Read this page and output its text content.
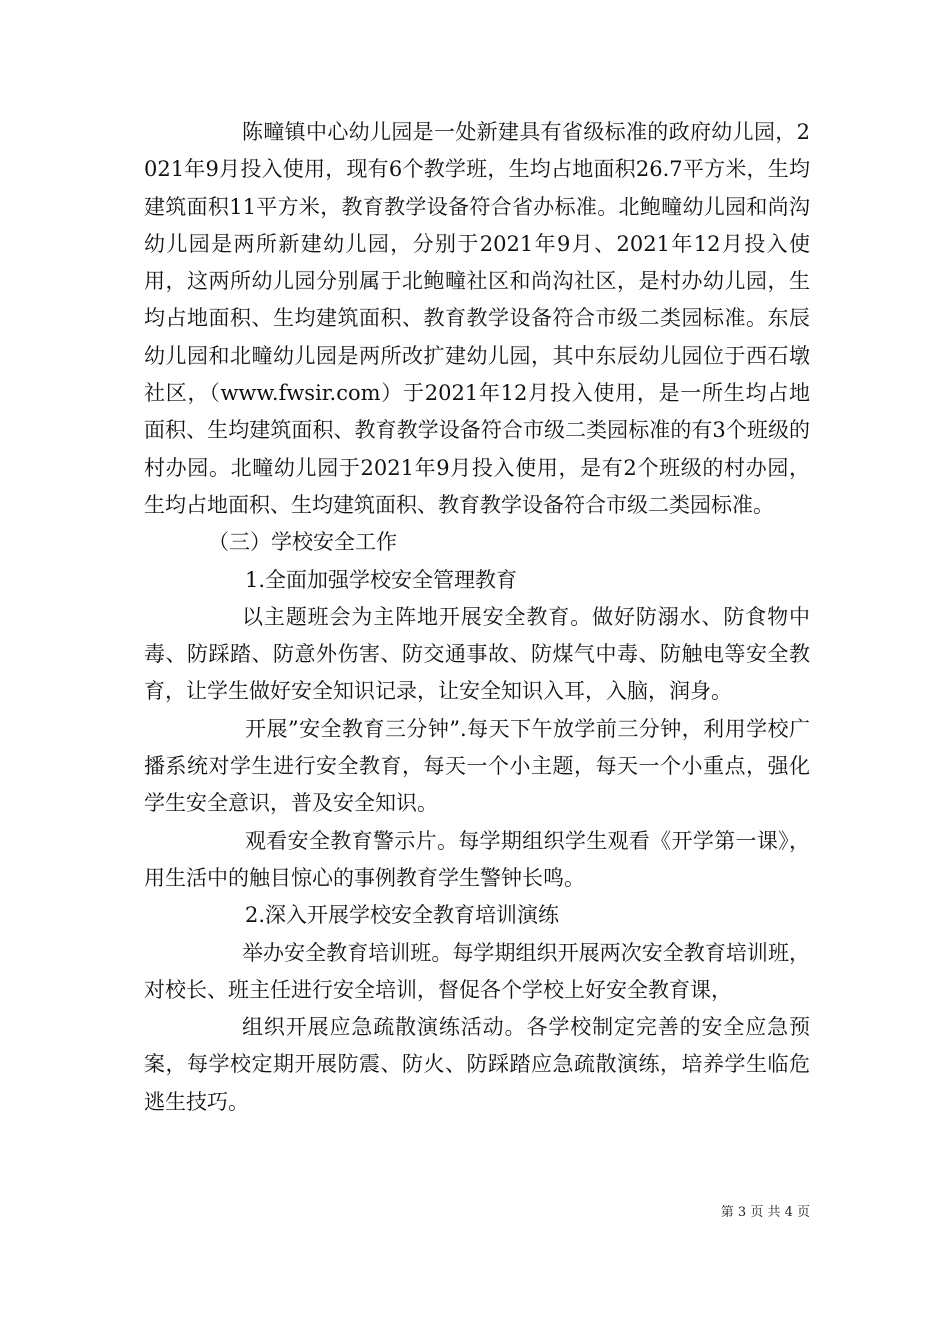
陈疃镇中心幼儿园是一处新建具有省级标准的政府幼儿园，2021年9月投入使用，现有6个教学班，生均占地面积26.7平方米，生均建筑面积11平方米，教育教学设备符合省办标准。北鲍疃幼儿园和尚沟幼儿园是两所新建幼儿园，分别于2021年9月、2021年12月投入使用，这两所幼儿园分别属于北鲍疃社区和尚沟社区，是村办幼儿园，生均占地面积、生均建筑面积、教育教学设备符合市级二类园标准。东辰幼儿园和北疃幼儿园是两所改扩建幼儿园，其中东辰幼儿园位于西石墩社区，（www.fwsir.com）于2021年12月投入使用，是一所生均占地面积、生均建筑面积、教育教学设备符合市级二类园标准的有3个班级的村办园。北疃幼儿园于2021年9月投入使用，是有2个班级的村办园，生均占地面积、生均建筑面积、教育教学设备符合市级二类园标准。

（三）学校安全工作

1.全面加强学校安全管理教育

以主题班会为主阵地开展安全教育。做好防溺水、防食物中毒、防踩踏、防意外伤害、防交通事故、防煤气中毒、防触电等安全教育，让学生做好安全知识记录，让安全知识入耳，入脑，润身。

开展”安全教育三分钟”.每天下午放学前三分钟，利用学校广播系统对学生进行安全教育，每天一个小主题，每天一个小重点，强化学生安全意识，普及安全知识。

观看安全教育警示片。每学期组织学生观看《开学第一课》，用生活中的触目惊心的事例教育学生警钟长鸣。

2.深入开展学校安全教育培训演练

举办安全教育培训班。每学期组织开展两次安全教育培训班，对校长、班主任进行安全培训，督促各个学校上好安全教育课，

组织开展应急疏散演练活动。各学校制定完善的安全应急预案，每学校定期开展防震、防火、防踩踏应急疏散演练，培养学生临危逃生技巧。

第 3 页 共 4 页
